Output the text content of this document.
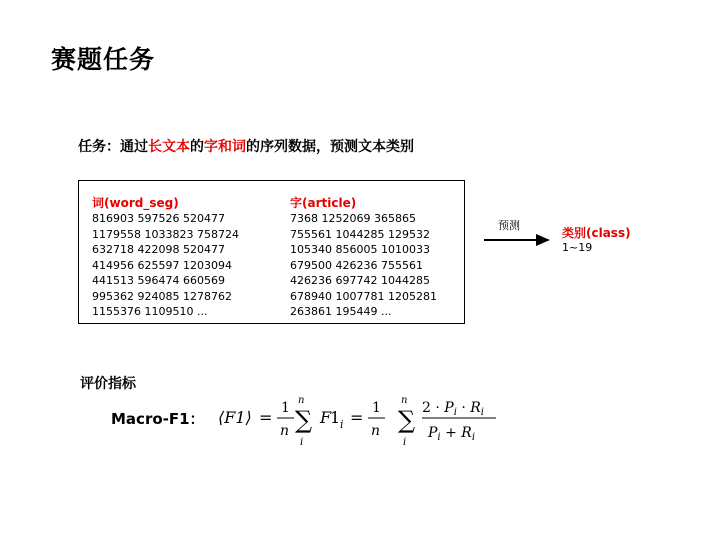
赛题任务
任务：通过长文本的字和词的序列数据，预测文本类别
词(word_seg)
816903 597526 520477
1179558 1033823 758724
632718 422098 520477
414956 625597 1203094
441513 596474 660569
995362 924085 1278762
1155376 1109510 ...
字(article)
7368 1252069 365865
755561 1044285 129532
105340 856005 1010033
679500 426236 755561
426236 697742 1044285
678940 1007781 1205281
263861 195449 ...
预测
类别(class)
1~19
评价指标
Macro-F1： ⟨F1⟩ = 1
n
n
∑
i
F
1 i = 1
n
n
∑
i
$2 \cdot P_i \cdot R_i$
$P_i + R_i$
